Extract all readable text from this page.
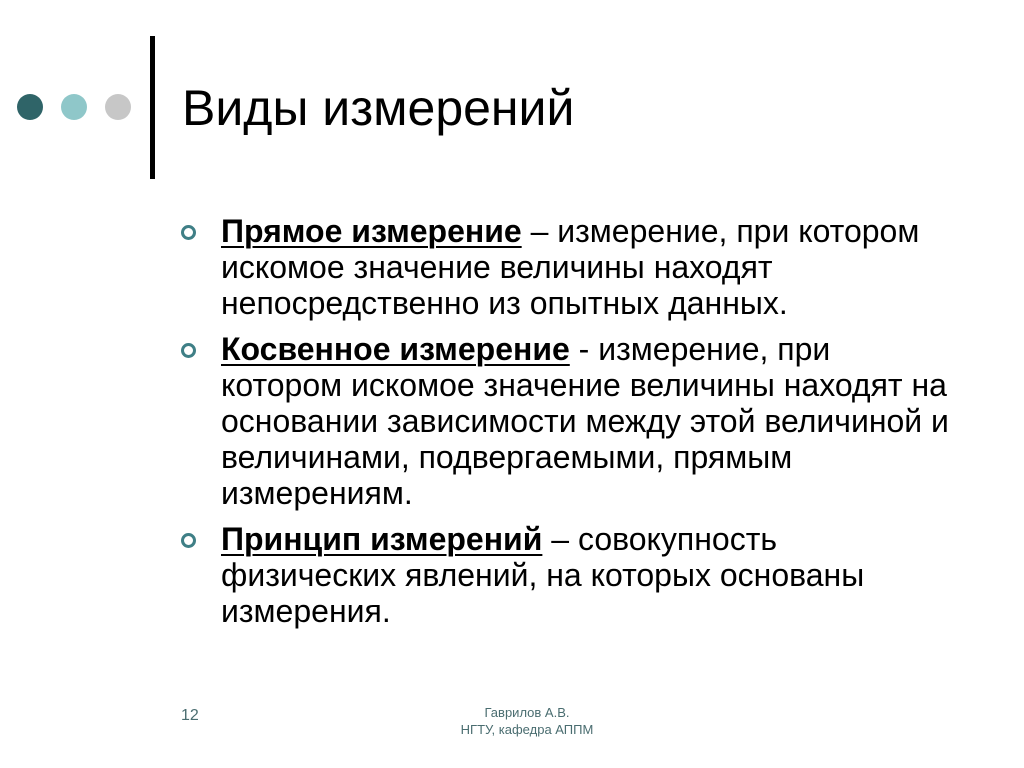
Виды измерений
Прямое измерение – измерение, при котором искомое значение величины находят непосредственно из опытных данных.
Косвенное измерение - измерение, при котором искомое значение величины находят на основании зависимости между этой величиной и величинами, подвергаемыми, прямым измерениям.
Принцип измерений – совокупность физических явлений, на которых основаны измерения.
12	Гаврилов А.В.
НГТУ, кафедра АППМ
